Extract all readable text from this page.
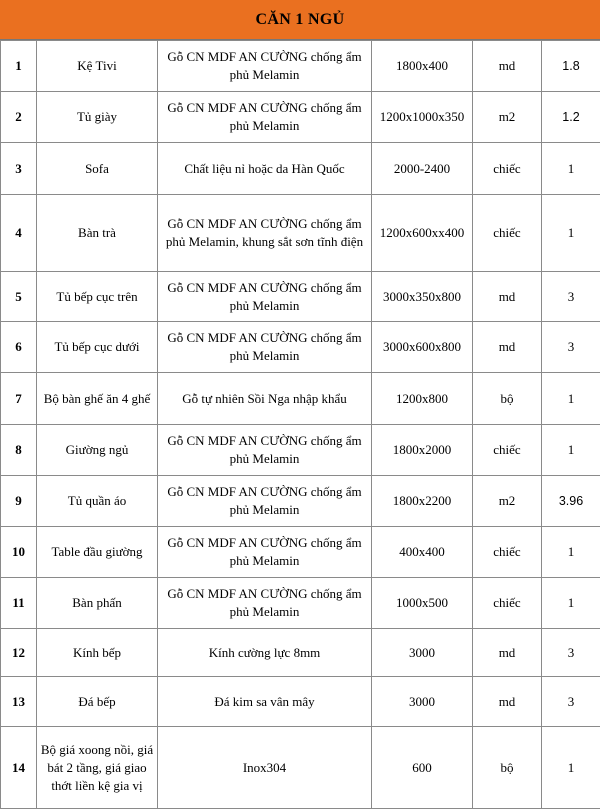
CĂN 1 NGỦ
1	Kệ Tivi	Gỗ CN MDF AN CƯỜNG chống ẩm phủ Melamin	1800x400	md	1.8
2	Tủ giày	Gỗ CN MDF AN CƯỜNG chống ẩm phủ Melamin	1200x1000x350	m2	1.2
3	Sofa	Chất liệu nỉ hoặc da Hàn Quốc	2000-2400	chiếc	1
4	Bàn trà	Gỗ CN MDF AN CƯỜNG chống ẩm phủ Melamin, khung sắt sơn tĩnh điện	1200x600xx400	chiếc	1
5	Tủ bếp cục trên	Gỗ CN MDF AN CƯỜNG chống ẩm phủ Melamin	3000x350x800	md	3
6	Tủ bếp cục dưới	Gỗ CN MDF AN CƯỜNG chống ẩm phủ Melamin	3000x600x800	md	3
7	Bộ bàn ghế ăn 4 ghế	Gỗ tự nhiên Sồi Nga nhập khẩu	1200x800	bộ	1
8	Giường ngủ	Gỗ CN MDF AN CƯỜNG chống ẩm phủ Melamin	1800x2000	chiếc	1
9	Tủ quần áo	Gỗ CN MDF AN CƯỜNG chống ẩm phủ Melamin	1800x2200	m2	3.96
10	Table đầu giường	Gỗ CN MDF AN CƯỜNG chống ẩm phủ Melamin	400x400	chiếc	1
11	Bàn phấn	Gỗ CN MDF AN CƯỜNG chống ẩm phủ Melamin	1000x500	chiếc	1
12	Kính bếp	Kính cường lực 8mm	3000	md	3
13	Đá bếp	Đá kim sa vân mây	3000	md	3
14	Bộ giá xoong nồi, giá bát 2 tầng, giá giao thớt liền kệ gia vị	Inox304	600	bộ	1
